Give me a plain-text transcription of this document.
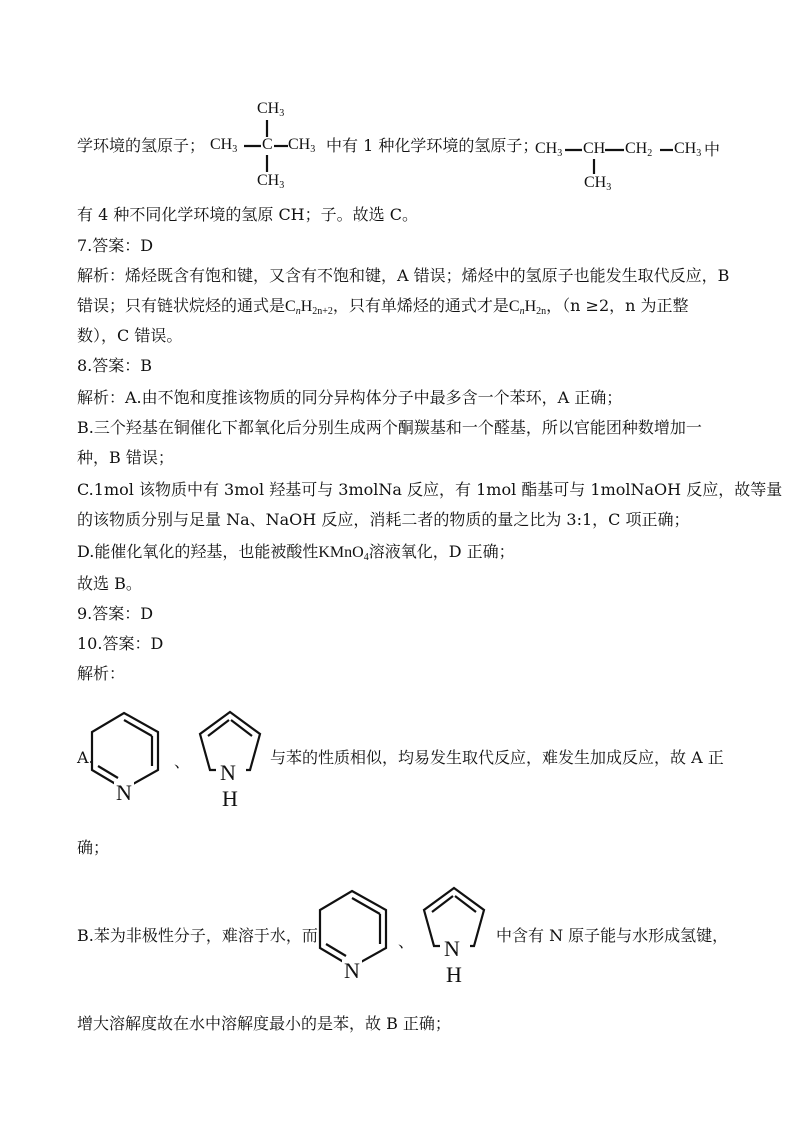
学环境的氢原子；
CH3
CH3 C CH3
CH3
中有 1 种化学环境的氢原子；
CH3 CH CH2 CH3
CH3
中
有 4 种不同化学环境的氢原 CH；子。故选 C。
7.答案：D
解析：烯烃既含有饱和键，又含有不饱和键，A 错误；烯烃中的氢原子也能发生取代反应，B
错误；只有链状烷烃的通式是$C_nH_{2n+2}$，只有单烯烃的通式才是$C_nH_{2n}$，（n ≥2，n 为正整
数），C 错误。
8.答案：B
解析：A.由不饱和度推该物质的同分异构体分子中最多含一个苯环，A 正确；
B.三个羟基在铜催化下都氧化后分别生成两个酮羰基和一个醛基，所以官能团种数增加一
种，B 错误；
C.1mol 该物质中有 3mol 羟基可与 3molNa 反应，有 1mol 酯基可与 1molNaOH 反应，故等量
的该物质分别与足量 Na、NaOH 反应，消耗二者的物质的量之比为 3:1，C 项正确；
D.能催化氧化的羟基，也能被酸性KMnO$_4$溶液氧化，D 正确；
故选 B。
9.答案：D
10.答案：D
解析：
A.
N
、 N
H
与苯的性质相似，均易发生取代反应，难发生加成反应，故 A 正
确；
B.苯为非极性分子，难溶于水，而
N
、 N
H
中含有 N 原子能与水形成氢键，
增大溶解度故在水中溶解度最小的是苯，故 B 正确；
